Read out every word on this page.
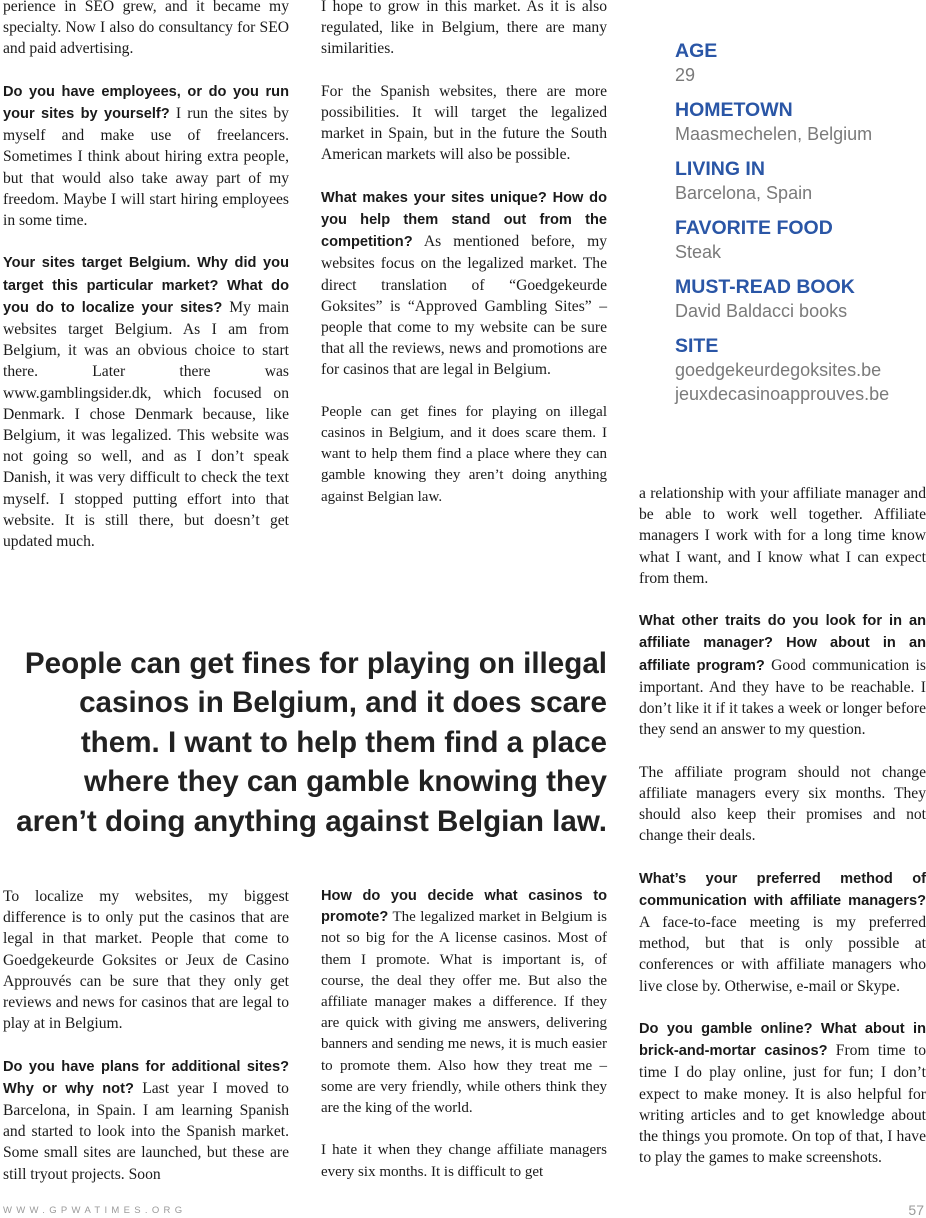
perience in SEO grew, and it became my specialty. Now I also do consultancy for SEO and paid advertising.

Do you have employees, or do you run your sites by yourself? I run the sites by myself and make use of freelancers. Sometimes I think about hiring extra people, but that would also take away part of my freedom. Maybe I will start hiring employees in some time.

Your sites target Belgium. Why did you target this particular market? What do you do to localize your sites? My main websites target Belgium. As I am from Belgium, it was an obvious choice to start there. Later there was www.gamblingsider.dk, which focused on Denmark. I chose Denmark because, like Belgium, it was legalized. This website was not going so well, and as I don’t speak Danish, it was very difficult to check the text myself. I stopped putting effort into that website. It is still there, but doesn’t get updated much.

I hope to grow in this market. As it is also regulated, like in Belgium, there are many similarities.

For the Spanish websites, there are more possibilities. It will target the legalized market in Spain, but in the future the South American markets will also be possible.

What makes your sites unique? How do you help them stand out from the competition? As mentioned before, my websites focus on the legalized market. The direct translation of “Goedgekeurde Goksites” is “Approved Gambling Sites” – people that come to my website can be sure that all the reviews, news and promotions are for casinos that are legal in Belgium.

People can get fines for playing on illegal casinos in Belgium, and it does scare them. I want to help them find a place where they can gamble knowing they aren’t doing anything against Belgian law.

AGE
29
HOMETOWN
Maasmechelen, Belgium
LIVING IN
Barcelona, Spain
FAVORITE FOOD
Steak
MUST-READ BOOK
David Baldacci books
SITE
goedgekeurdegoksites.be
jeuxdecasinoapprouves.be

a relationship with your affiliate manager and be able to work well together. Affiliate managers I work with for a long time know what I want, and I know what I can expect from them.

What other traits do you look for in an affiliate manager? How about in an affiliate program? Good communication is important. And they have to be reachable. I don’t like it if it takes a week or longer before they send an answer to my question.

The affiliate program should not change affiliate managers every six months. They should also keep their promises and not change their deals.

What’s your preferred method of communication with affiliate managers? A face-to-face meeting is my preferred method, but that is only possible at conferences or with affiliate managers who live close by. Otherwise, e-mail or Skype.

Do you gamble online? What about in brick-and-mortar casinos? From time to time I do play online, just for fun; I don’t expect to make money. It is also helpful for writing articles and to get knowledge about the things you promote. On top of that, I have to play the games to make screenshots.

People can get fines for playing on illegal casinos in Belgium, and it does scare them. I want to help them find a place where they can gamble knowing they aren’t doing anything against Belgian law.

To localize my websites, my biggest difference is to only put the casinos that are legal in that market. People that come to Goedgekeurde Goksites or Jeux de Casino Approuvés can be sure that they only get reviews and news for casinos that are legal to play at in Belgium.

Do you have plans for additional sites? Why or why not? Last year I moved to Barcelona, in Spain. I am learning Spanish and started to look into the Spanish market. Some small sites are launched, but these are still tryout projects. Soon

How do you decide what casinos to promote? The legalized market in Belgium is not so big for the A license casinos. Most of them I promote. What is important is, of course, the deal they offer me. But also the affiliate manager makes a difference. If they are quick with giving me answers, delivering banners and sending me news, it is much easier to promote them. Also how they treat me – some are very friendly, while others think they are the king of the world.

I hate it when they change affiliate managers every six months. It is difficult to get

WWW.GPWATIMES.ORG	57
